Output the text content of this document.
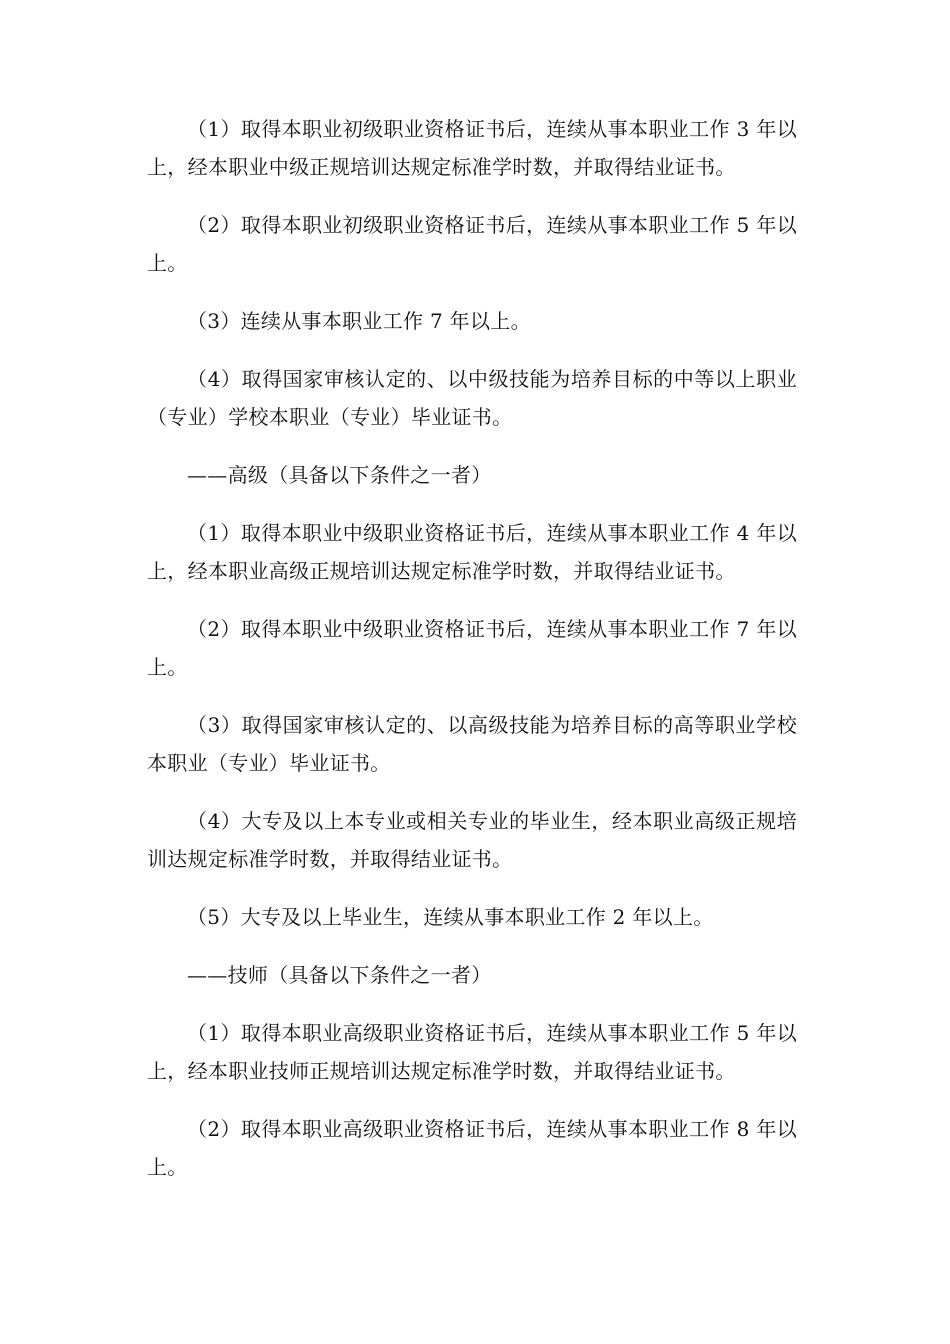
（1）取得本职业初级职业资格证书后，连续从事本职业工作 3 年以上，经本职业中级正规培训达规定标准学时数，并取得结业证书。

（2）取得本职业初级职业资格证书后，连续从事本职业工作 5 年以上。

（3）连续从事本职业工作 7 年以上。

（4）取得国家审核认定的、以中级技能为培养目标的中等以上职业（专业）学校本职业（专业）毕业证书。

——高级（具备以下条件之一者）

（1）取得本职业中级职业资格证书后，连续从事本职业工作 4 年以上，经本职业高级正规培训达规定标准学时数，并取得结业证书。

（2）取得本职业中级职业资格证书后，连续从事本职业工作 7 年以上。

（3）取得国家审核认定的、以高级技能为培养目标的高等职业学校本职业（专业）毕业证书。

（4）大专及以上本专业或相关专业的毕业生，经本职业高级正规培训达规定标准学时数，并取得结业证书。

（5）大专及以上毕业生，连续从事本职业工作 2 年以上。

——技师（具备以下条件之一者）

（1）取得本职业高级职业资格证书后，连续从事本职业工作 5 年以上，经本职业技师正规培训达规定标准学时数，并取得结业证书。

（2）取得本职业高级职业资格证书后，连续从事本职业工作 8 年以上。
